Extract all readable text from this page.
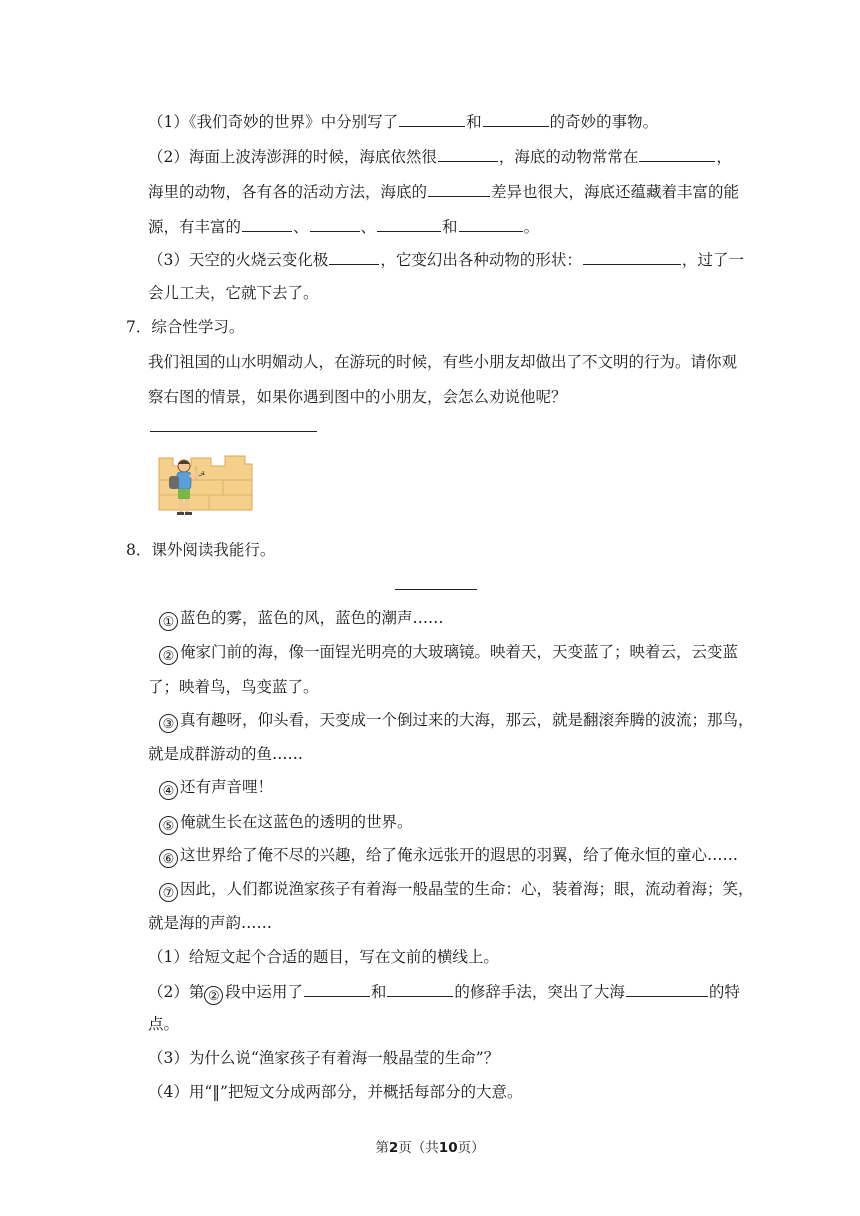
（1）《我们奇妙的世界》中分别写了	和	的奇妙的事物。
（2）海面上波涛澎湃的时候，海底依然很	，海底的动物常常在	，
海里的动物，各有各的活动方法，海底的	差异也很大，海底还蕴藏着丰富的能
源，有丰富的	、	、	和	。
（3）天空的火烧云变化极	，它变幻出各种动物的形状：	，过了一
会儿工夫，它就下去了。
7．综合性学习。
我们祖国的山水明媚动人，在游玩的时候，有些小朋友却做出了不文明的行为。请你观
察右图的情景，如果你遇到图中的小朋友，会怎么劝说他呢？
8．课外阅读我能行。
① 蓝色的雾，蓝色的风，蓝色的潮声……
② 俺家门前的海，像一面锃光明亮的大玻璃镜。映着天，天变蓝了；映着云，云变蓝
了；映着鸟，鸟变蓝了。
③ 真有趣呀，仰头看，天变成一个倒过来的大海，那云，就是翻滚奔腾的波流；那鸟，
就是成群游动的鱼……
④ 还有声音哩！
⑤ 俺就生长在这蓝色的透明的世界。
⑥ 这世界给了俺不尽的兴趣，给了俺永远张开的遐思的羽翼，给了俺永恒的童心……
⑦ 因此，人们都说渔家孩子有着海一般晶莹的生命：心，装着海；眼，流动着海；笑，
就是海的声韵……
（1）给短文起个合适的题目，写在文前的横线上。
（2）第 ② 段中运用了	和	的修辞手法，突出了大海	的特
点。
（3）为什么说“渔家孩子有着海一般晶莹的生命”？
（4）用“‖”把短文分成两部分，并概括每部分的大意。
第2页（共10页）
